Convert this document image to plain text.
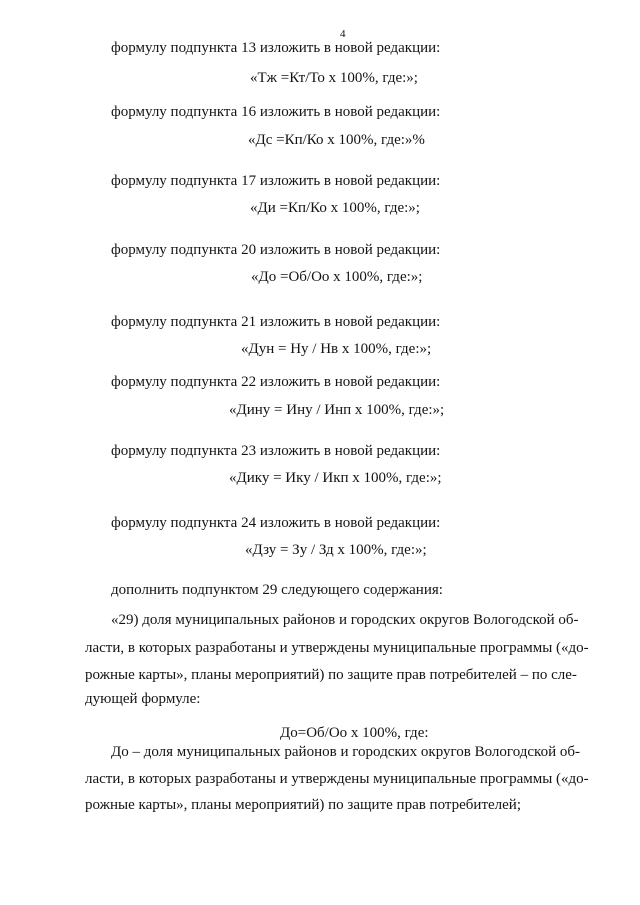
4
формулу подпункта 13 изложить в новой редакции:
«Тж =Кт/То х 100%, где:»;
формулу подпункта 16 изложить в новой редакции:
«Дс =Кп/Ко х 100%, где:»%
формулу подпункта 17 изложить в новой редакции:
«Ди =Кп/Ко х 100%, где:»;
формулу подпункта 20 изложить в новой редакции:
«До =Об/Оо х 100%, где:»;
формулу подпункта 21 изложить в новой редакции:
«Дун = Ну / Нв х 100%, где:»;
формулу подпункта 22 изложить в новой редакции:
«Дину = Ину / Инп х 100%, где:»;
формулу подпункта 23 изложить в новой редакции:
«Дику = Ику / Икп х 100%, где:»;
формулу подпункта 24 изложить в новой редакции:
«Дзу = Зу / Зд х 100%, где:»;
дополнить подпунктом 29 следующего содержания:
«29) доля муниципальных районов и городских округов Вологодской об-
ласти, в которых разработаны и утверждены муниципальные программы («до-
рожные карты», планы мероприятий) по защите прав потребителей – по сле-
дующей формуле:
До=Об/Оо х 100%, где:
До – доля муниципальных районов и городских округов Вологодской об-
ласти, в которых разработаны и утверждены муниципальные программы («до-
рожные карты», планы мероприятий) по защите прав потребителей;
